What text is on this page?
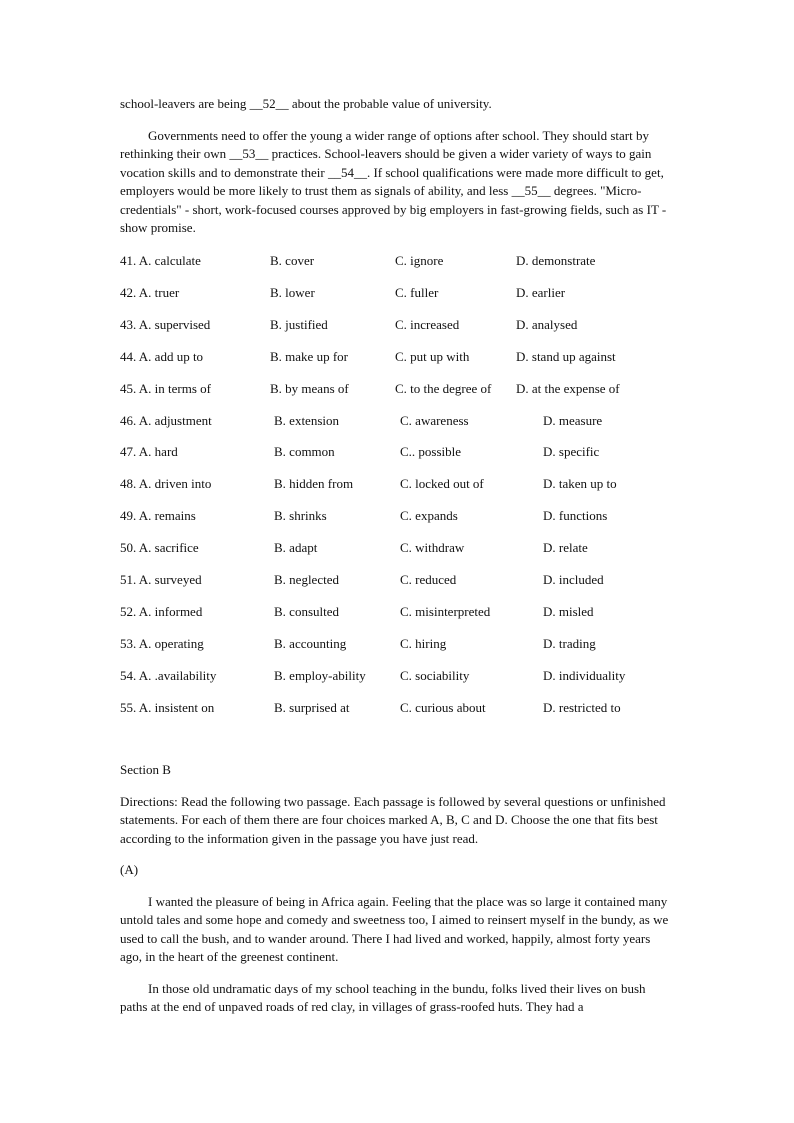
school-leavers are being __52__ about the probable value of university.

Governments need to offer the young a wider range of options after school. They should start by rethinking their own __53__ practices. School-leavers should be given a wider variety of ways to gain vocation skills and to demonstrate their __54__. If school qualifications were made more difficult to get, employers would be more likely to trust them as signals of ability, and less __55__ degrees. "Micro-credentials" - short, work-focused courses approved by big employers in fast-growing fields, such as IT - show promise.

41. A. calculate	B. cover	C. ignore	D. demonstrate
42. A. truer	B. lower	C. fuller	D. earlier
43. A. supervised	B. justified	C. increased	D. analysed
44. A. add up to	B. make up for	C. put up with	D. stand up against
45. A. in terms of	B. by means of	C. to the degree of D. at the expense of
46. A. adjustment	B. extension	C. awareness	D. measure
47. A. hard	B. common	C.. possible	D. specific
48. A. driven into	B. hidden from	C. locked out of	D. taken up to
49. A. remains	B. shrinks	C. expands	D. functions
50. A. sacrifice	B. adapt	C. withdraw	D. relate
51. A. surveyed	B. neglected	C. reduced	D. included
52. A. informed	B. consulted	C. misinterpreted	D. misled
53. A. operating	B. accounting	C. hiring	D. trading
54. A. .availability	B. employ-ability	C. sociability	D. individuality
55. A. insistent on	B. surprised at	C. curious about	D. restricted to

Section B

Directions: Read the following two passage. Each passage is followed by several questions or unfinished statements. For each of them there are four choices marked A, B, C and D. Choose the one that fits best according to the information given in the passage you have just read.

(A)

I wanted the pleasure of being in Africa again. Feeling that the place was so large it contained many untold tales and some hope and comedy and sweetness too, I aimed to reinsert myself in the bundy, as we used to call the bush, and to wander around. There I had lived and worked, happily, almost forty years ago, in the heart of the greenest continent.

In those old undramatic days of my school teaching in the bundu, folks lived their lives on bush paths at the end of unpaved roads of red clay, in villages of grass-roofed huts. They had a
